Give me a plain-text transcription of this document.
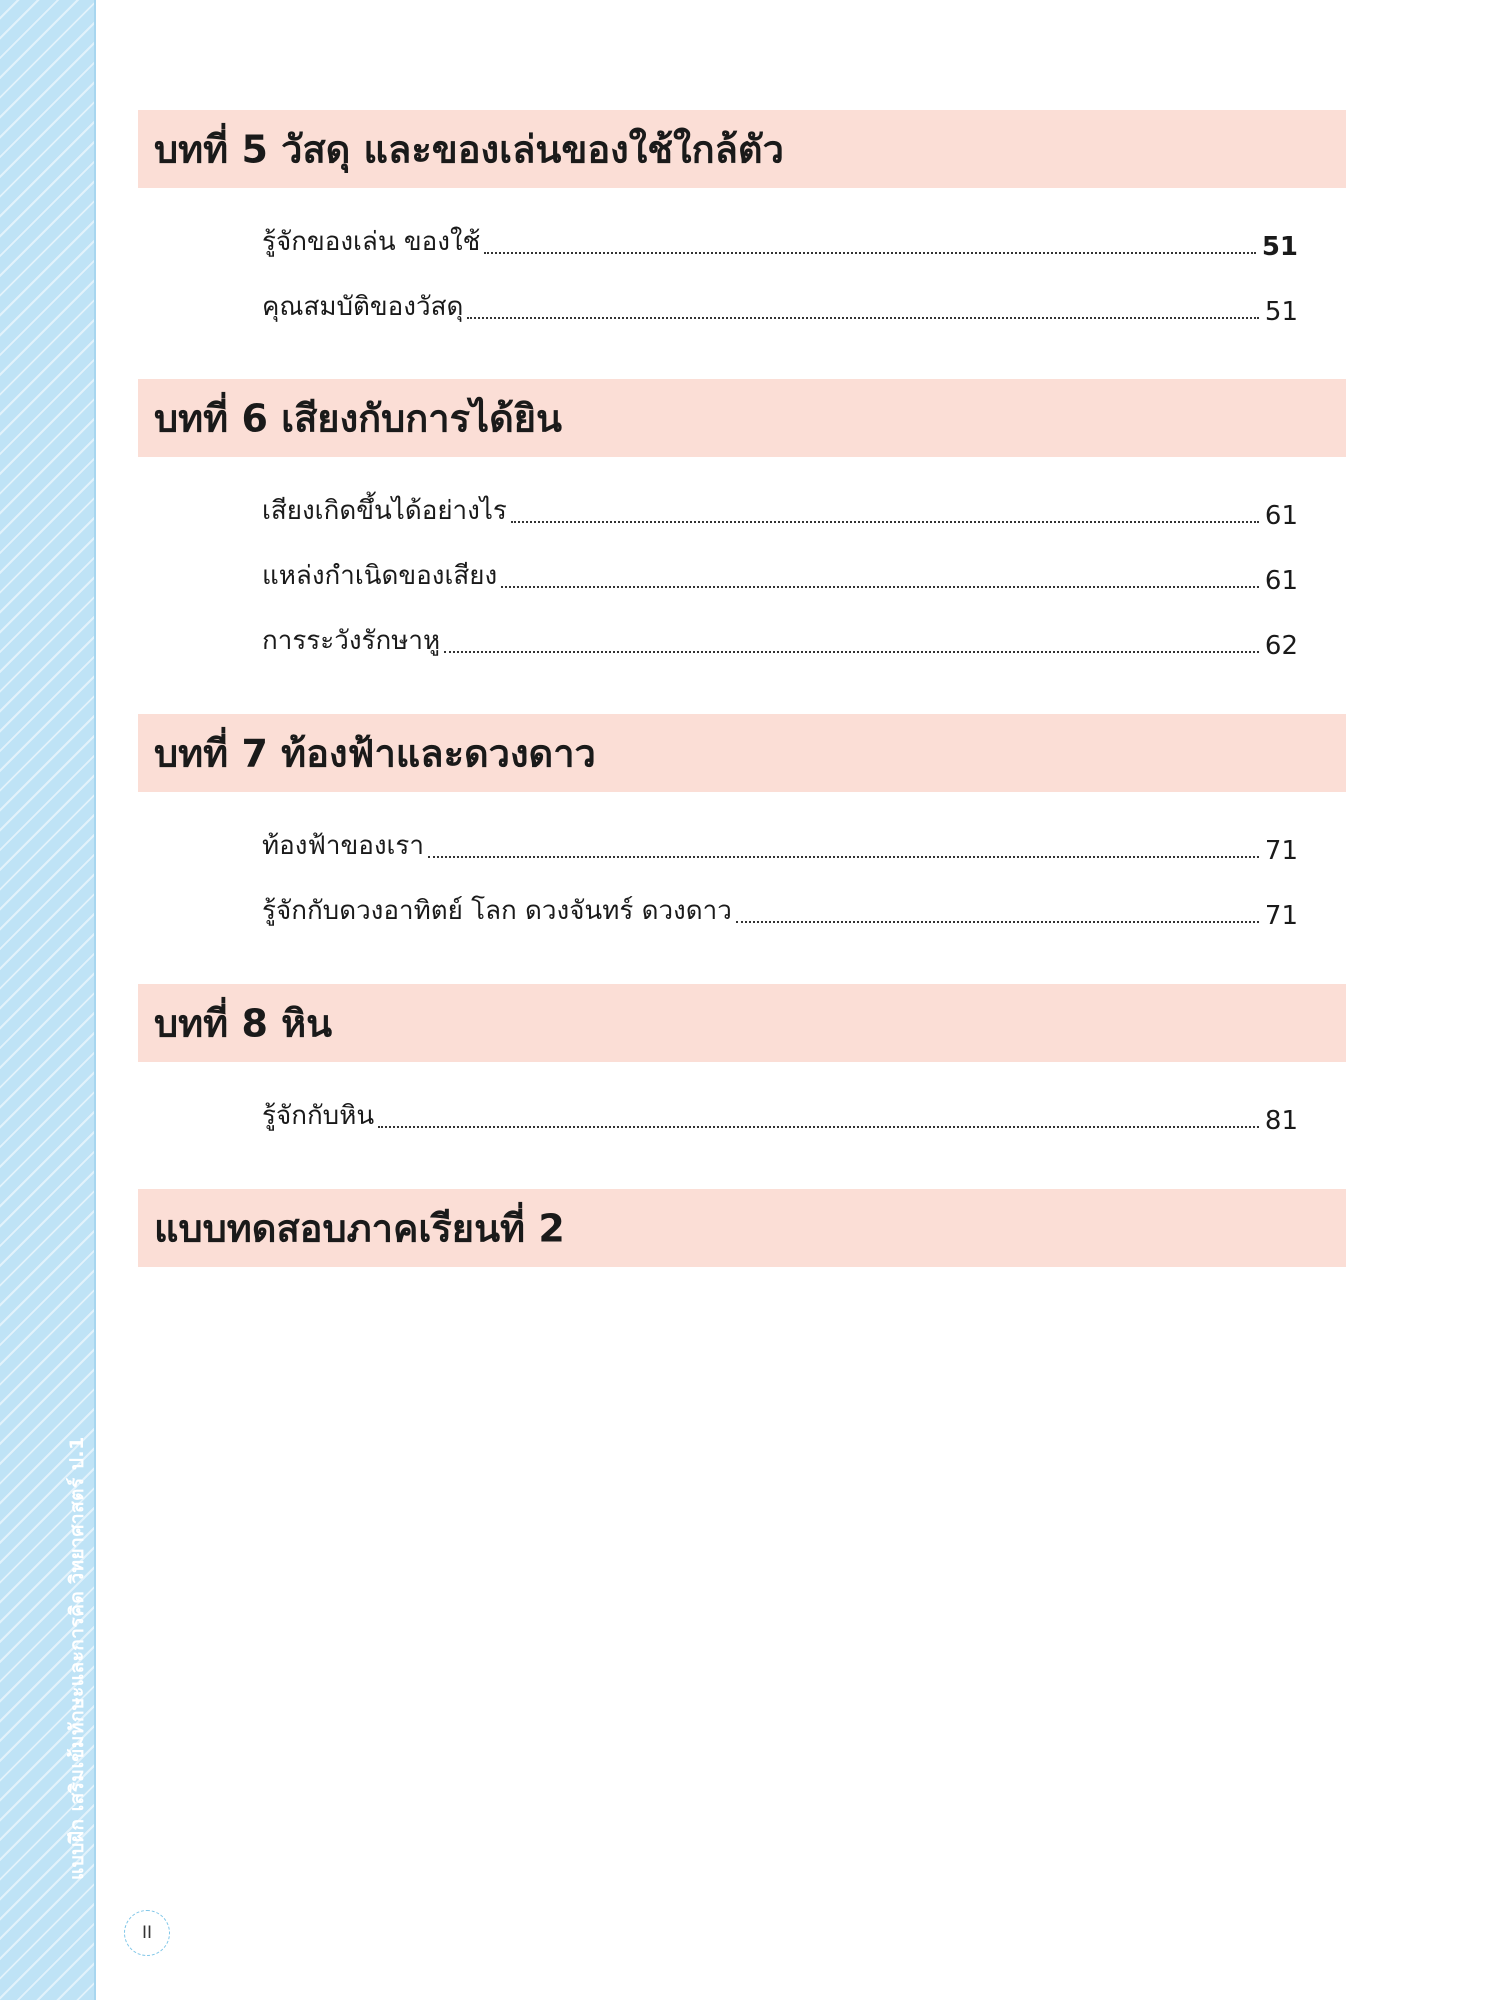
แบบฝึก เสริมเข้มทักษะและการคิด วิทยาศาสตร์ ป.1
II
บทที่ 5 วัสดุ และของเล่นของใช้ใกล้ตัว
รู้จักของเล่น ของใช้	51
คุณสมบัติของวัสดุ	51
บทที่ 6 เสียงกับการได้ยิน
เสียงเกิดขึ้นได้อย่างไร	61
แหล่งกำเนิดของเสียง	61
การระวังรักษาหู	62
บทที่ 7 ท้องฟ้าและดวงดาว
ท้องฟ้าของเรา	71
รู้จักกับดวงอาทิตย์ โลก ดวงจันทร์ ดวงดาว	71
บทที่ 8 หิน
รู้จักกับหิน	81
แบบทดสอบภาคเรียนที่ 2
